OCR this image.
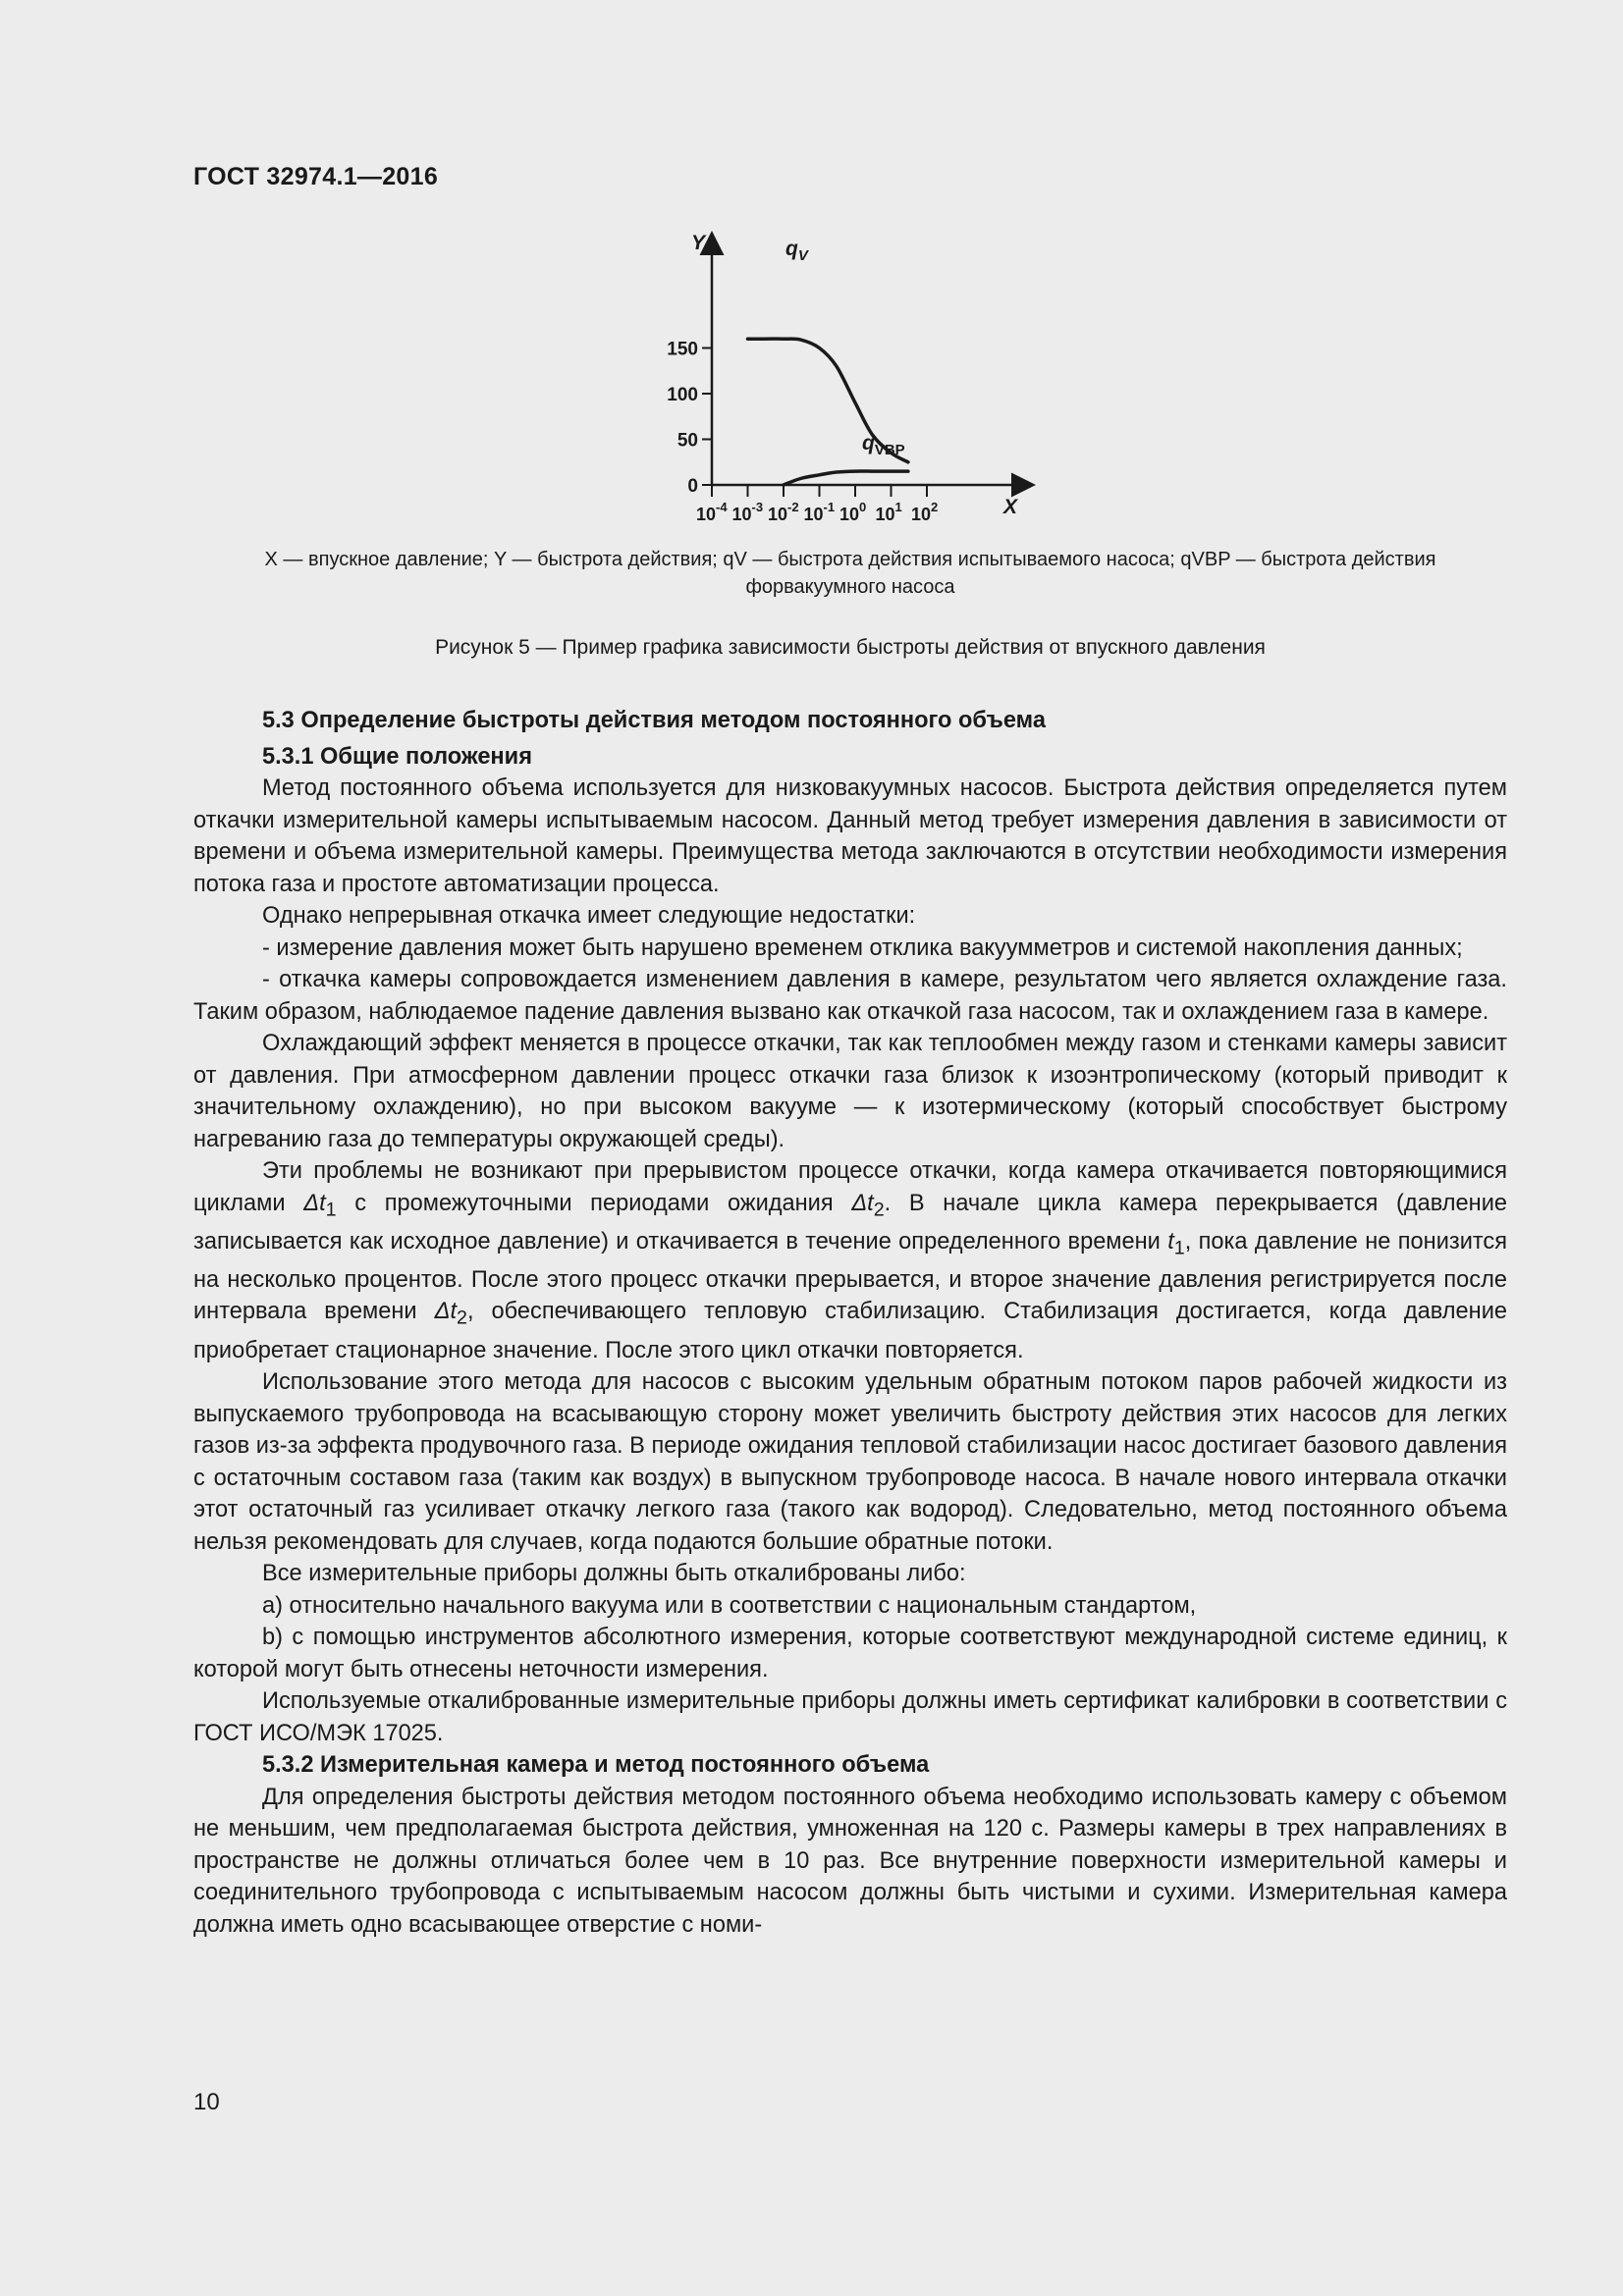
ГОСТ 32974.1—2016
Y
X
0
50
100
150
$10^{-4}$ $10^{-3}$ $10^{-2}$ $10^{-1}$ $10^0$ $10^1$ $10^2$
$q_V$
$q_{VBP}$
X — впускное давление; Y — быстрота действия; qV — быстрота действия испытываемого насоса; qVBP — быстрота действия
форвакуумного насоса
Рисунок 5 — Пример графика зависимости быстроты действия от впускного давления

5.3 Определение быстроты действия методом постоянного объема

5.3.1 Общие положения

Метод постоянного объема используется для низковакуумных насосов. Быстрота действия определяется путем откачки измерительной камеры испытываемым насосом. Данный метод требует измерения давления в зависимости от времени и объема измерительной камеры. Преимущества метода заключаются в отсутствии необходимости измерения потока газа и простоте автоматизации процесса.

Однако непрерывная откачка имеет следующие недостатки:

- измерение давления может быть нарушено временем отклика вакуумметров и системой накопления данных;

- откачка камеры сопровождается изменением давления в камере, результатом чего является охлаждение газа. Таким образом, наблюдаемое падение давления вызвано как откачкой газа насосом, так и охлаждением газа в камере.

Охлаждающий эффект меняется в процессе откачки, так как теплообмен между газом и стенками камеры зависит от давления. При атмосферном давлении процесс откачки газа близок к изоэнтропическому (который приводит к значительному охлаждению), но при высоком вакууме — к изотермическому (который способствует быстрому нагреванию газа до температуры окружающей среды).

Эти проблемы не возникают при прерывистом процессе откачки, когда камера откачивается повторяющимися циклами $\Delta t_1$ с промежуточными периодами ожидания $\Delta t_2$. В начале цикла камера перекрывается (давление записывается как исходное давление) и откачивается в течение определенного времени $t_1$, пока давление не понизится на несколько процентов. После этого процесс откачки прерывается, и второе значение давления регистрируется после интервала времени $\Delta t_2$, обеспечивающего тепловую стабилизацию. Стабилизация достигается, когда давление приобретает стационарное значение. После этого цикл откачки повторяется.

Использование этого метода для насосов с высоким удельным обратным потоком паров рабочей жидкости из выпускаемого трубопровода на всасывающую сторону может увеличить быстроту действия этих насосов для легких газов из-за эффекта продувочного газа. В периоде ожидания тепловой стабилизации насос достигает базового давления с остаточным составом газа (таким как воздух) в выпускном трубопроводе насоса. В начале нового интервала откачки этот остаточный газ усиливает откачку легкого газа (такого как водород). Следовательно, метод постоянного объема нельзя рекомендовать для случаев, когда подаются большие обратные потоки.

Все измерительные приборы должны быть откалиброваны либо:

a) относительно начального вакуума или в соответствии с национальным стандартом,

b) с помощью инструментов абсолютного измерения, которые соответствуют международной системе единиц, к которой могут быть отнесены неточности измерения.

Используемые откалиброванные измерительные приборы должны иметь сертификат калибровки в соответствии с ГОСТ ИСО/МЭК 17025.

5.3.2 Измерительная камера и метод постоянного объема

Для определения быстроты действия методом постоянного объема необходимо использовать камеру с объемом не меньшим, чем предполагаемая быстрота действия, умноженная на 120 с. Размеры камеры в трех направлениях в пространстве не должны отличаться более чем в 10 раз. Все внутренние поверхности измерительной камеры и соединительного трубопровода с испытываемым насосом должны быть чистыми и сухими. Измерительная камера должна иметь одно всасывающее отверстие с номи-

10
